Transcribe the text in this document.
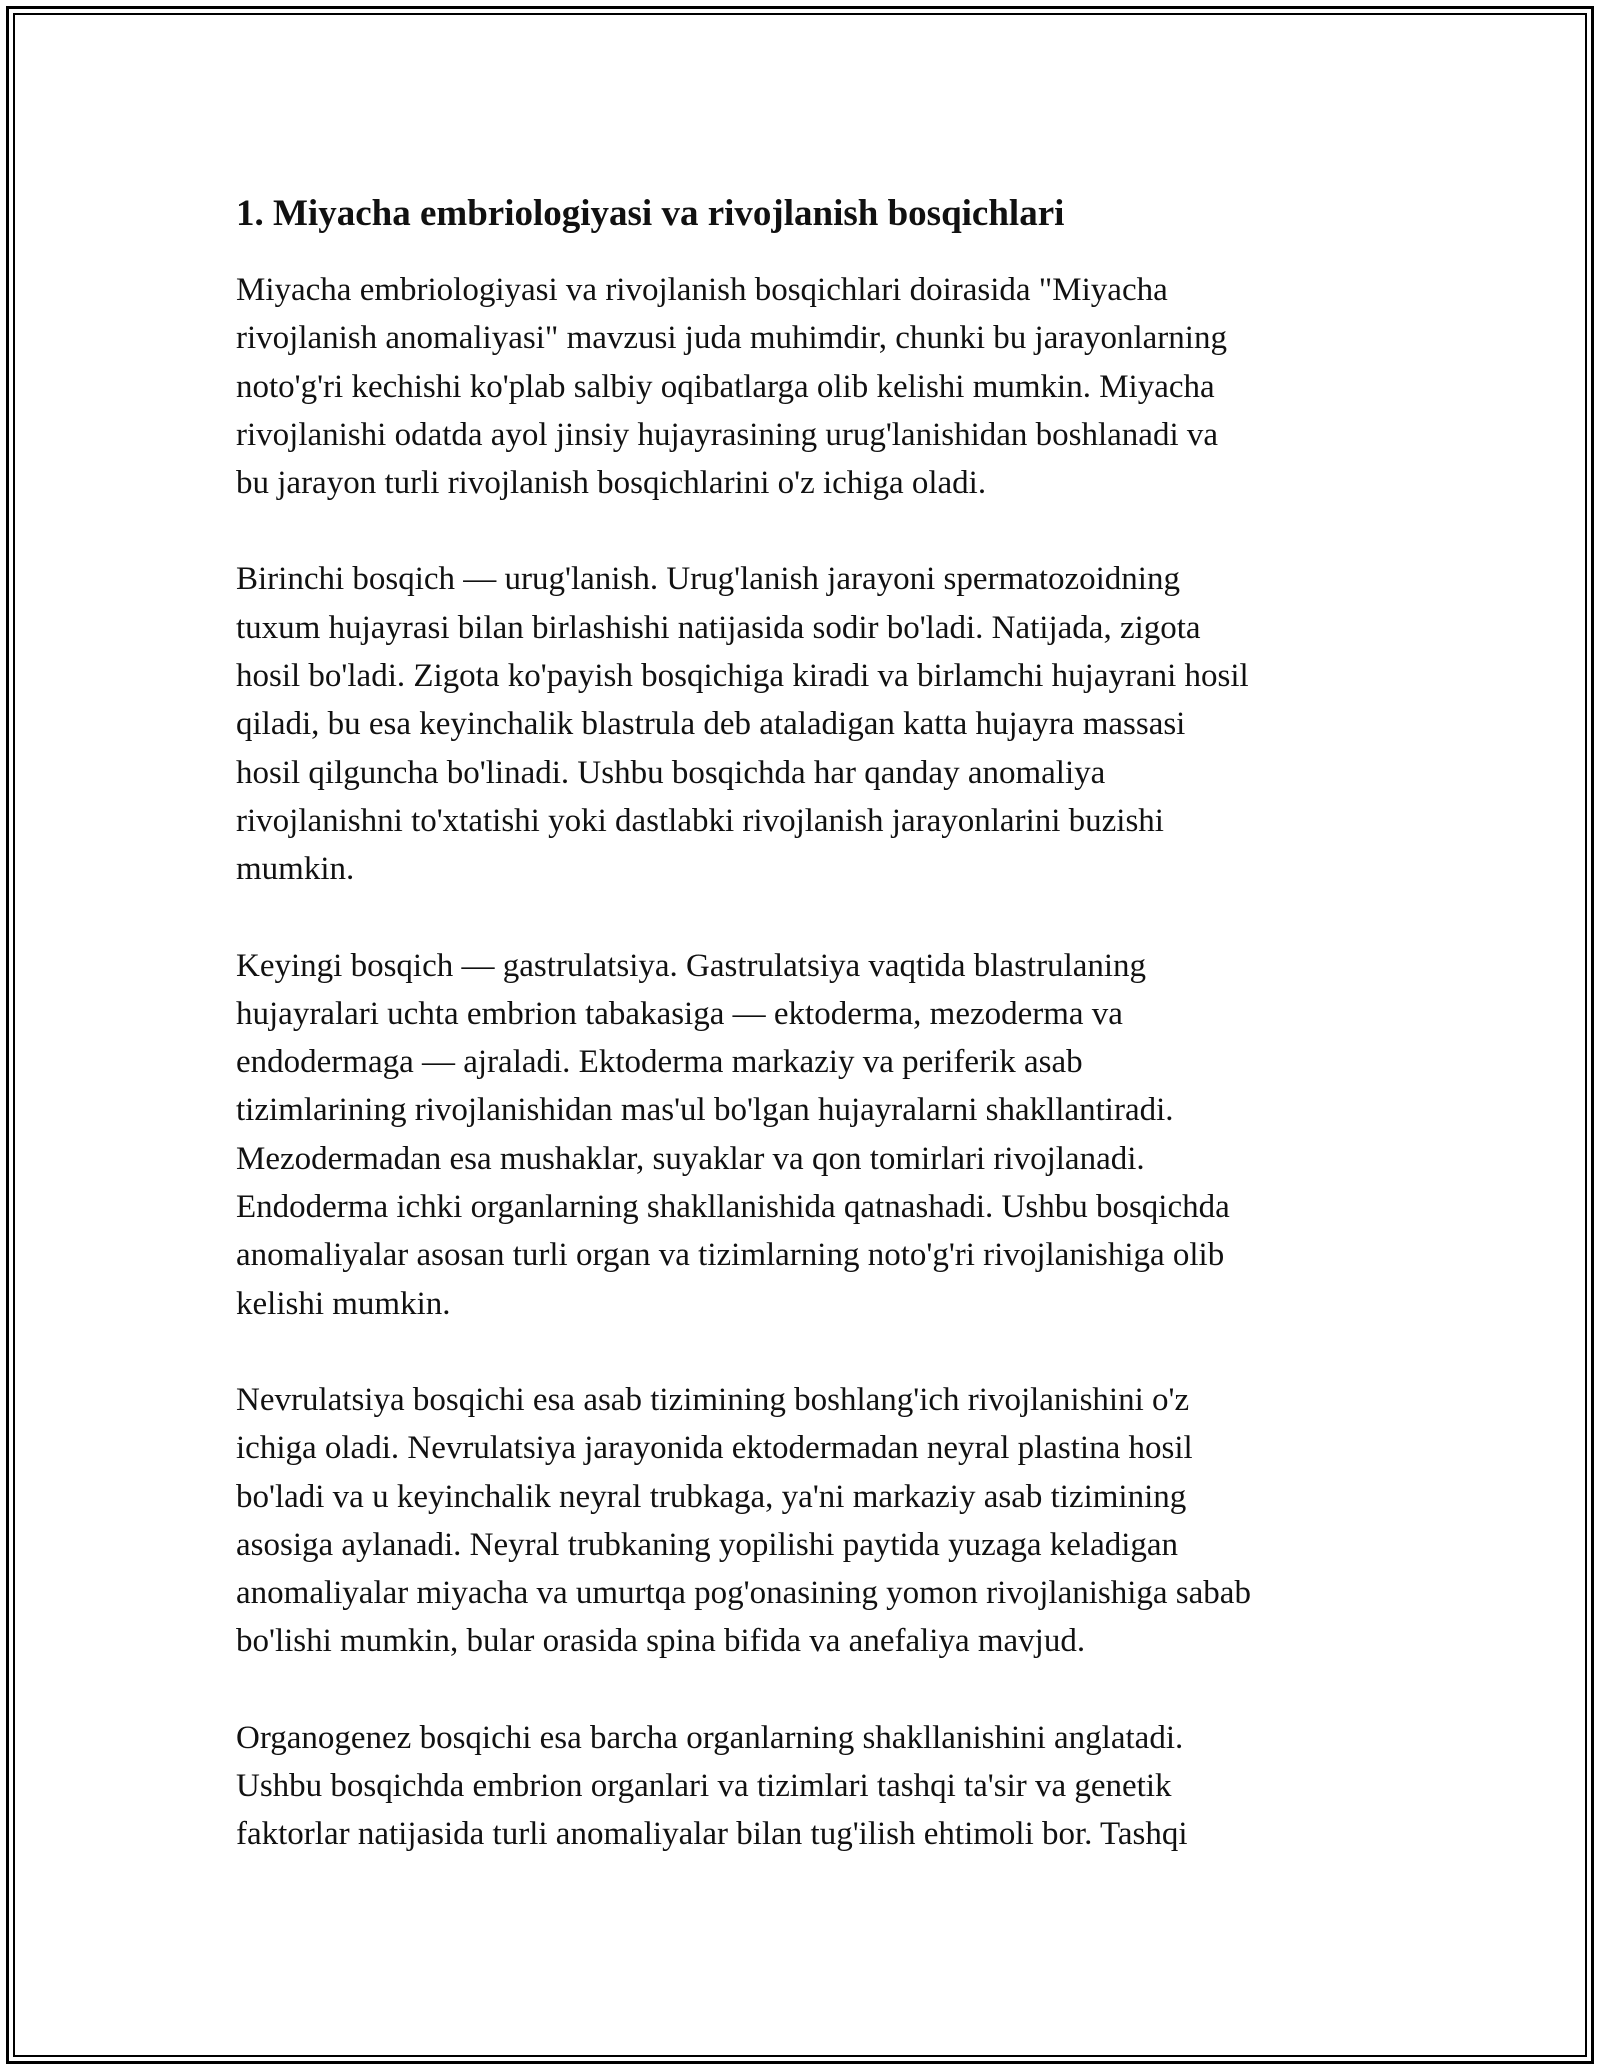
1. Miyacha embriologiyasi va rivojlanish bosqichlari

Miyacha embriologiyasi va rivojlanish bosqichlari doirasida "Miyacha
rivojlanish anomaliyasi" mavzusi juda muhimdir, chunki bu jarayonlarning
noto'g'ri kechishi ko'plab salbiy oqibatlarga olib kelishi mumkin. Miyacha
rivojlanishi odatda ayol jinsiy hujayrasining urug'lanishidan boshlanadi va
bu jarayon turli rivojlanish bosqichlarini o'z ichiga oladi.

Birinchi bosqich — urug'lanish. Urug'lanish jarayoni spermatozoidning
tuxum hujayrasi bilan birlashishi natijasida sodir bo'ladi. Natijada, zigota
hosil bo'ladi. Zigota ko'payish bosqichiga kiradi va birlamchi hujayrani hosil
qiladi, bu esa keyinchalik blastrula deb ataladigan katta hujayra massasi
hosil qilguncha bo'linadi. Ushbu bosqichda har qanday anomaliya
rivojlanishni to'xtatishi yoki dastlabki rivojlanish jarayonlarini buzishi
mumkin.

Keyingi bosqich — gastrulatsiya. Gastrulatsiya vaqtida blastrulaning
hujayralari uchta embrion tabakasiga — ektoderma, mezoderma va
endodermaga — ajraladi. Ektoderma markaziy va periferik asab
tizimlarining rivojlanishidan mas'ul bo'lgan hujayralarni shakllantiradi.
Mezodermadan esa mushaklar, suyaklar va qon tomirlari rivojlanadi.
Endoderma ichki organlarning shakllanishida qatnashadi. Ushbu bosqichda
anomaliyalar asosan turli organ va tizimlarning noto'g'ri rivojlanishiga olib
kelishi mumkin.

Nevrulatsiya bosqichi esa asab tizimining boshlang'ich rivojlanishini o'z
ichiga oladi. Nevrulatsiya jarayonida ektodermadan neyral plastina hosil
bo'ladi va u keyinchalik neyral trubkaga, ya'ni markaziy asab tizimining
asosiga aylanadi. Neyral trubkaning yopilishi paytida yuzaga keladigan
anomaliyalar miyacha va umurtqa pog'onasining yomon rivojlanishiga sabab
bo'lishi mumkin, bular orasida spina bifida va anefaliya mavjud.

Organogenez bosqichi esa barcha organlarning shakllanishini anglatadi.
Ushbu bosqichda embrion organlari va tizimlari tashqi ta'sir va genetik
faktorlar natijasida turli anomaliyalar bilan tug'ilish ehtimoli bor. Tashqi
